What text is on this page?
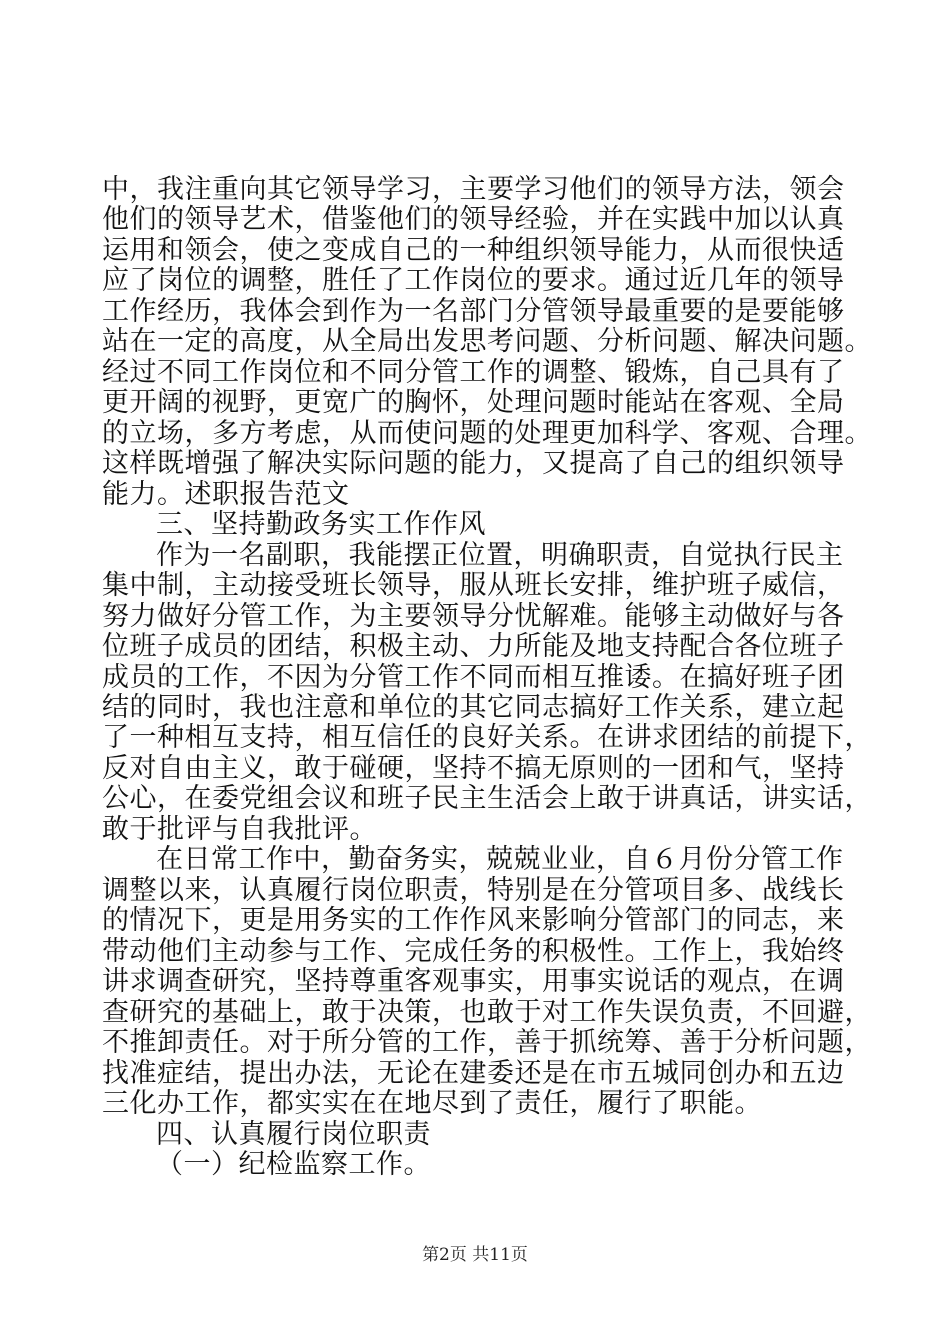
中，我注重向其它领导学习，主要学习他们的领导方法，领会
他们的领导艺术，借鉴他们的领导经验，并在实践中加以认真
运用和领会，使之变成自己的一种组织领导能力，从而很快适
应了岗位的调整，胜任了工作岗位的要求。通过近几年的领导
工作经历，我体会到作为一名部门分管领导最重要的是要能够
站在一定的高度，从全局出发思考问题、分析问题、解决问题。
经过不同工作岗位和不同分管工作的调整、锻炼，自己具有了
更开阔的视野，更宽广的胸怀，处理问题时能站在客观、全局
的立场，多方考虑，从而使问题的处理更加科学、客观、合理。
这样既增强了解决实际问题的能力，又提高了自己的组织领导
能力。述职报告范文
三、坚持勤政务实工作作风
作为一名副职，我能摆正位置，明确职责，自觉执行民主
集中制，主动接受班长领导，服从班长安排，维护班子威信，
努力做好分管工作，为主要领导分忧解难。能够主动做好与各
位班子成员的团结，积极主动、力所能及地支持配合各位班子
成员的工作，不因为分管工作不同而相互推诿。在搞好班子团
结的同时，我也注意和单位的其它同志搞好工作关系，建立起
了一种相互支持，相互信任的良好关系。在讲求团结的前提下，
反对自由主义，敢于碰硬，坚持不搞无原则的一团和气，坚持
公心，在委党组会议和班子民主生活会上敢于讲真话，讲实话，
敢于批评与自我批评。
在日常工作中，勤奋务实，兢兢业业，自６月份分管工作
调整以来，认真履行岗位职责，特别是在分管项目多、战线长
的情况下，更是用务实的工作作风来影响分管部门的同志，来
带动他们主动参与工作、完成任务的积极性。工作上，我始终
讲求调查研究，坚持尊重客观事实，用事实说话的观点，在调
查研究的基础上，敢于决策，也敢于对工作失误负责，不回避，
不推卸责任。对于所分管的工作，善于抓统筹、善于分析问题，
找准症结，提出办法，无论在建委还是在市五城同创办和五边
三化办工作，都实实在在地尽到了责任，履行了职能。
四、认真履行岗位职责
（一）纪检监察工作。
第2页 共11页
